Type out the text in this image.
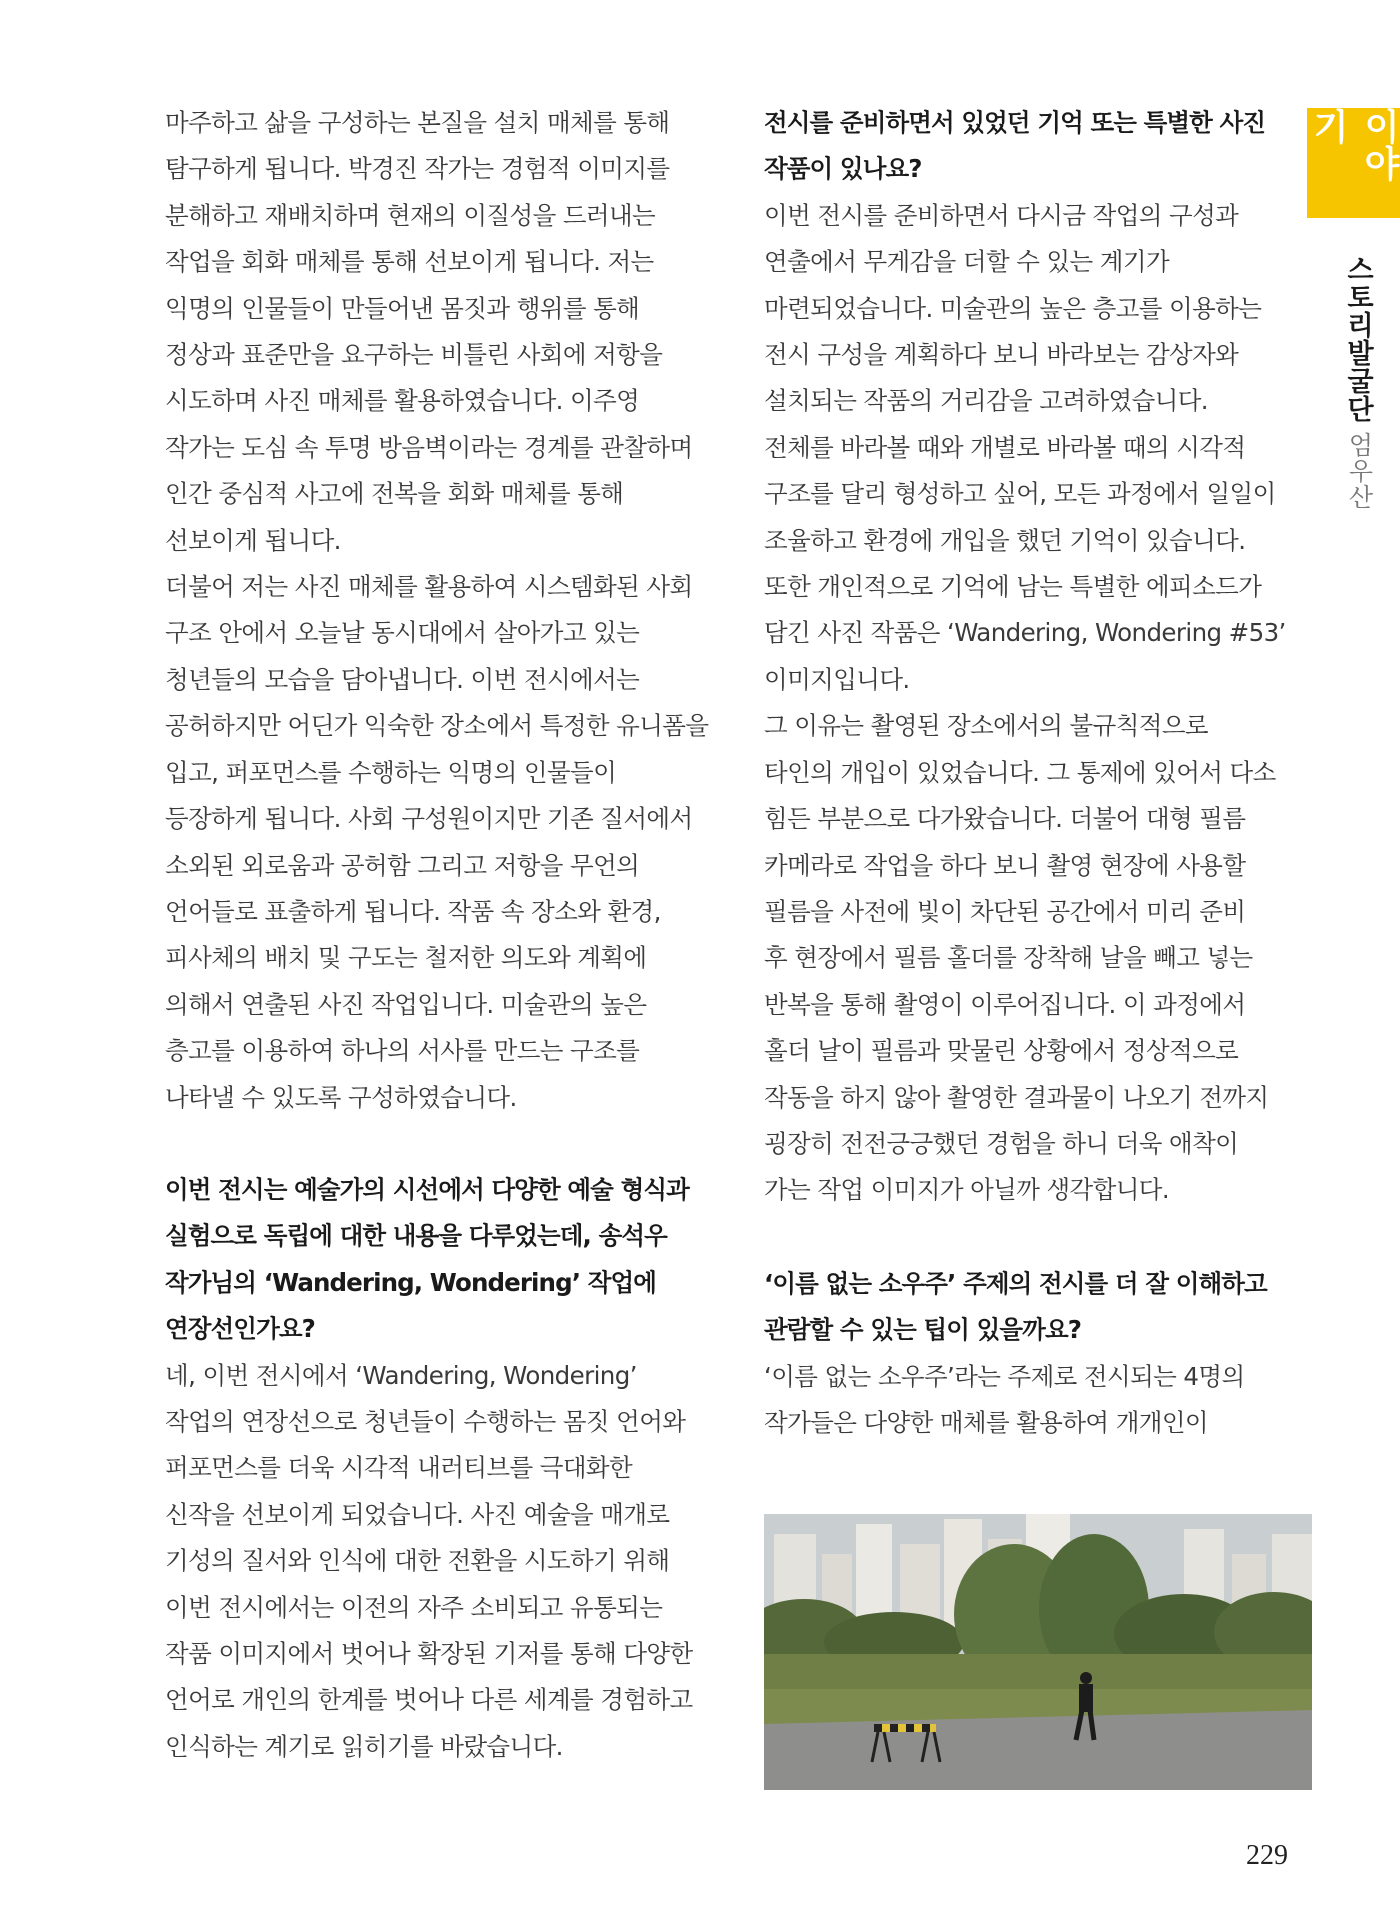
이야기
스토리발굴단
엄우산

마주하고 삶을 구성하는 본질을 설치 매체를 통해

탐구하게 됩니다. 박경진 작가는 경험적 이미지를

분해하고 재배치하며 현재의 이질성을 드러내는

작업을 회화 매체를 통해 선보이게 됩니다. 저는

익명의 인물들이 만들어낸 몸짓과 행위를 통해

정상과 표준만을 요구하는 비틀린 사회에 저항을

시도하며 사진 매체를 활용하였습니다. 이주영

작가는 도심 속 투명 방음벽이라는 경계를 관찰하며

인간 중심적 사고에 전복을 회화 매체를 통해

선보이게 됩니다.

더불어 저는 사진 매체를 활용하여 시스템화된 사회

구조 안에서 오늘날 동시대에서 살아가고 있는

청년들의 모습을 담아냅니다. 이번 전시에서는

공허하지만 어딘가 익숙한 장소에서 특정한 유니폼을

입고, 퍼포먼스를 수행하는 익명의 인물들이

등장하게 됩니다. 사회 구성원이지만 기존 질서에서

소외된 외로움과 공허함 그리고 저항을 무언의

언어들로 표출하게 됩니다. 작품 속 장소와 환경,

피사체의 배치 및 구도는 철저한 의도와 계획에

의해서 연출된 사진 작업입니다. 미술관의 높은

층고를 이용하여 하나의 서사를 만드는 구조를

나타낼 수 있도록 구성하였습니다.

이번 전시는 예술가의 시선에서 다양한 예술 형식과

실험으로 독립에 대한 내용을 다루었는데, 송석우

작가님의 ‘Wandering, Wondering’ 작업에

연장선인가요?

네, 이번 전시에서 ‘Wandering, Wondering’

작업의 연장선으로 청년들이 수행하는 몸짓 언어와

퍼포먼스를 더욱 시각적 내러티브를 극대화한

신작을 선보이게 되었습니다. 사진 예술을 매개로

기성의 질서와 인식에 대한 전환을 시도하기 위해

이번 전시에서는 이전의 자주 소비되고 유통되는

작품 이미지에서 벗어나 확장된 기저를 통해 다양한

언어로 개인의 한계를 벗어나 다른 세계를 경험하고

인식하는 계기로 읽히기를 바랐습니다.

전시를 준비하면서 있었던 기억 또는 특별한 사진

작품이 있나요?

이번 전시를 준비하면서 다시금 작업의 구성과

연출에서 무게감을 더할 수 있는 계기가

마련되었습니다. 미술관의 높은 층고를 이용하는

전시 구성을 계획하다 보니 바라보는 감상자와

설치되는 작품의 거리감을 고려하였습니다.

전체를 바라볼 때와 개별로 바라볼 때의 시각적

구조를 달리 형성하고 싶어, 모든 과정에서 일일이

조율하고 환경에 개입을 했던 기억이 있습니다.

또한 개인적으로 기억에 남는 특별한 에피소드가

담긴 사진 작품은 ‘Wandering, Wondering #53’

이미지입니다.

그 이유는 촬영된 장소에서의 불규칙적으로

타인의 개입이 있었습니다. 그 통제에 있어서 다소

힘든 부분으로 다가왔습니다. 더불어 대형 필름

카메라로 작업을 하다 보니 촬영 현장에 사용할

필름을 사전에 빛이 차단된 공간에서 미리 준비

후 현장에서 필름 홀더를 장착해 날을 빼고 넣는

반복을 통해 촬영이 이루어집니다. 이 과정에서

홀더 날이 필름과 맞물린 상황에서 정상적으로

작동을 하지 않아 촬영한 결과물이 나오기 전까지

굉장히 전전긍긍했던 경험을 하니 더욱 애착이

가는 작업 이미지가 아닐까 생각합니다.

‘이름 없는 소우주’ 주제의 전시를 더 잘 이해하고

관람할 수 있는 팁이 있을까요?

‘이름 없는 소우주’라는 주제로 전시되는 4명의

작가들은 다양한 매체를 활용하여 개개인이

229
